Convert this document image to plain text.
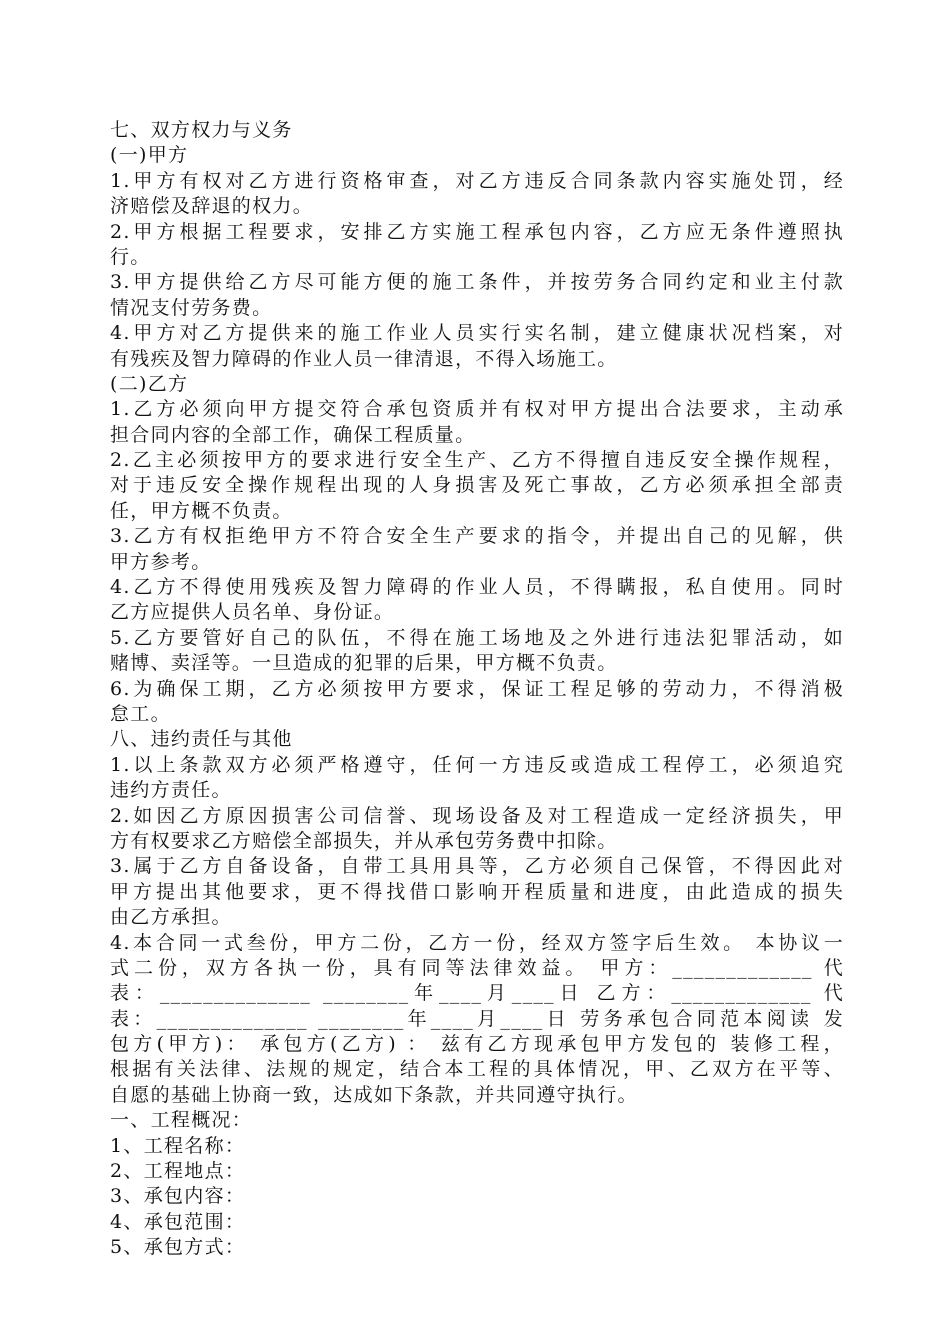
七、双方权力与义务
(一)甲方
1.甲方有权对乙方进行资格审查，对乙方违反合同条款内容实施处罚，经
济赔偿及辞退的权力。
2.甲方根据工程要求，安排乙方实施工程承包内容，乙方应无条件遵照执
行。
3.甲方提供给乙方尽可能方便的施工条件，并按劳务合同约定和业主付款
情况支付劳务费。
4.甲方对乙方提供来的施工作业人员实行实名制，建立健康状况档案，对
有残疾及智力障碍的作业人员一律清退，不得入场施工。
(二)乙方
1.乙方必须向甲方提交符合承包资质并有权对甲方提出合法要求，主动承
担合同内容的全部工作，确保工程质量。
2.乙主必须按甲方的要求进行安全生产、乙方不得擅自违反安全操作规程，
对于违反安全操作规程出现的人身损害及死亡事故，乙方必须承担全部责
任，甲方概不负责。
3.乙方有权拒绝甲方不符合安全生产要求的指令，并提出自己的见解，供
甲方参考。
4.乙方不得使用残疾及智力障碍的作业人员，不得瞒报，私自使用。同时
乙方应提供人员名单、身份证。
5.乙方要管好自己的队伍，不得在施工场地及之外进行违法犯罪活动，如
赌博、卖淫等。一旦造成的犯罪的后果，甲方概不负责。
6.为确保工期，乙方必须按甲方要求，保证工程足够的劳动力，不得消极
怠工。
八、违约责任与其他
1.以上条款双方必须严格遵守，任何一方违反或造成工程停工，必须追究
违约方责任。
2.如因乙方原因损害公司信誉、现场设备及对工程造成一定经济损失，甲
方有权要求乙方赔偿全部损失，并从承包劳务费中扣除。
3.属于乙方自备设备，自带工具用具等，乙方必须自己保管，不得因此对
甲方提出其他要求，更不得找借口影响开程质量和进度，由此造成的损失
由乙方承担。
4.本合同一式叁份，甲方二份，乙方一份，经双方签字后生效。 本协议一
式二份，双方各执一份，具有同等法律效益。 甲方：_____________ 代
表：______________ ________年____月____日 乙方：_____________ 代
表：______________ ________年____月____日 劳务承包合同范本阅读 发
包方(甲方)： 承包方(乙方) ： 兹有乙方现承包甲方发包的 装修工程，
根据有关法律、法规的规定，结合本工程的具体情况，甲、乙双方在平等、
自愿的基础上协商一致，达成如下条款，并共同遵守执行。
一、工程概况：
1、工程名称：
2、工程地点：
3、承包内容：
4、承包范围：
5、承包方式：
